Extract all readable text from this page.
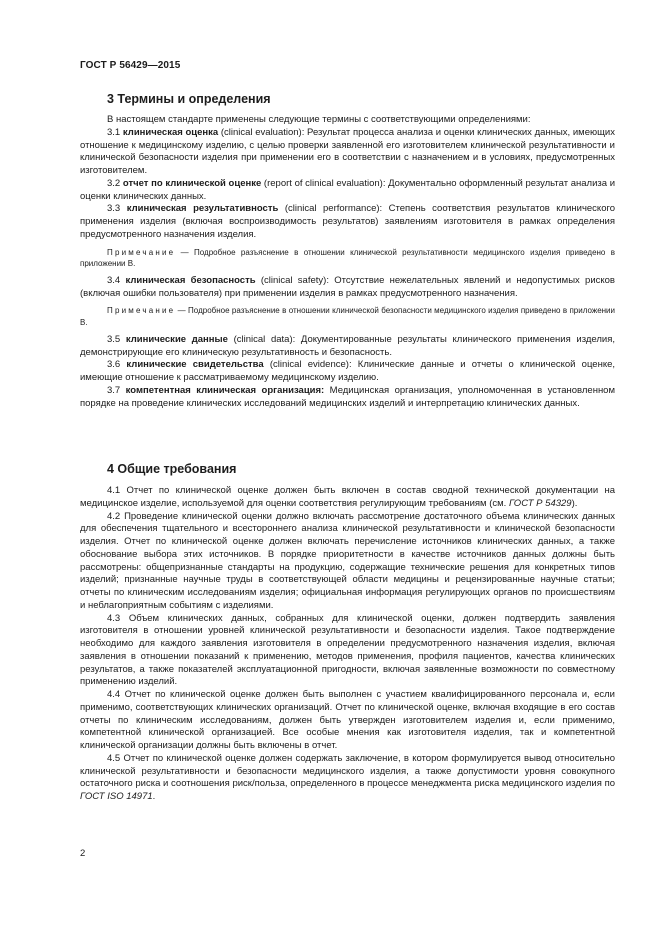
ГОСТ Р 56429—2015
3 Термины и определения

В настоящем стандарте применены следующие термины с соответствующими определениями:

3.1 клиническая оценка (clinical evaluation): Результат процесса анализа и оценки клинических данных, имеющих отношение к медицинскому изделию, с целью проверки заявленной его изготовителем клинической результативности и клинической безопасности изделия при применении его в соответствии с назначением и в условиях, предусмотренных изготовителем.

3.2 отчет по клинической оценке (report of clinical evaluation): Документально оформленный результат анализа и оценки клинических данных.

3.3 клиническая результативность (clinical performance): Степень соответствия результатов клинического применения изделия (включая воспроизводимость результатов) заявлениям изготовителя в рамках определения предусмотренного назначения изделия.

Примечание — Подробное разъяснение в отношении клинической результативности медицинского изделия приведено в приложении В.

3.4 клиническая безопасность (clinical safety): Отсутствие нежелательных явлений и недопустимых рисков (включая ошибки пользователя) при применении изделия в рамках предусмотренного назначения.

Примечание — Подробное разъяснение в отношении клинической безопасности медицинского изделия приведено в приложении В.

3.5 клинические данные (clinical data): Документированные результаты клинического применения изделия, демонстрирующие его клиническую результативность и безопасность.

3.6 клинические свидетельства (clinical evidence): Клинические данные и отчеты о клинической оценке, имеющие отношение к рассматриваемому медицинскому изделию.

3.7 компетентная клиническая организация: Медицинская организация, уполномоченная в установленном порядке на проведение клинических исследований медицинских изделий и интерпретацию клинических данных.

4 Общие требования

4.1 Отчет по клинической оценке должен быть включен в состав сводной технической документации на медицинское изделие, используемой для оценки соответствия регулирующим требованиям (см. ГОСТ Р 54329).

4.2 Проведение клинической оценки должно включать рассмотрение достаточного объема клинических данных для обеспечения тщательного и всестороннего анализа клинической результативности и клинической безопасности изделия. Отчет по клинической оценке должен включать перечисление источников клинических данных, а также обоснование выбора этих источников. В порядке приоритетности в качестве источников данных должны быть рассмотрены: общепризнанные стандарты на продукцию, содержащие технические решения для конкретных типов изделий; признанные научные труды в соответствующей области медицины и рецензированные научные статьи; отчеты по клиническим исследованиям изделия; официальная информация регулирующих органов по происшествиям и неблагоприятным событиям с изделиями.

4.3 Объем клинических данных, собранных для клинической оценки, должен подтвердить заявления изготовителя в отношении уровней клинической результативности и безопасности изделия. Такое подтверждение необходимо для каждого заявления изготовителя в определении предусмотренного назначения изделия, включая заявления в отношении показаний к применению, методов применения, профиля пациентов, качества клинических результатов, а также показателей эксплуатационной пригодности, включая заявленные возможности по совместному применению изделий.

4.4 Отчет по клинической оценке должен быть выполнен с участием квалифицированного персонала и, если применимо, соответствующих клинических организаций. Отчет по клинической оценке, включая входящие в его состав отчеты по клиническим исследованиям, должен быть утвержден изготовителем изделия и, если применимо, компетентной клинической организацией. Все особые мнения как изготовителя изделия, так и компетентной клинической организации должны быть включены в отчет.

4.5 Отчет по клинической оценке должен содержать заключение, в котором формулируется вывод относительно клинической результативности и безопасности медицинского изделия, а также допустимости уровня совокупного остаточного риска и соотношения риск/польза, определенного в процессе менеджмента риска медицинского изделия по ГОСТ ISO 14971.

2
